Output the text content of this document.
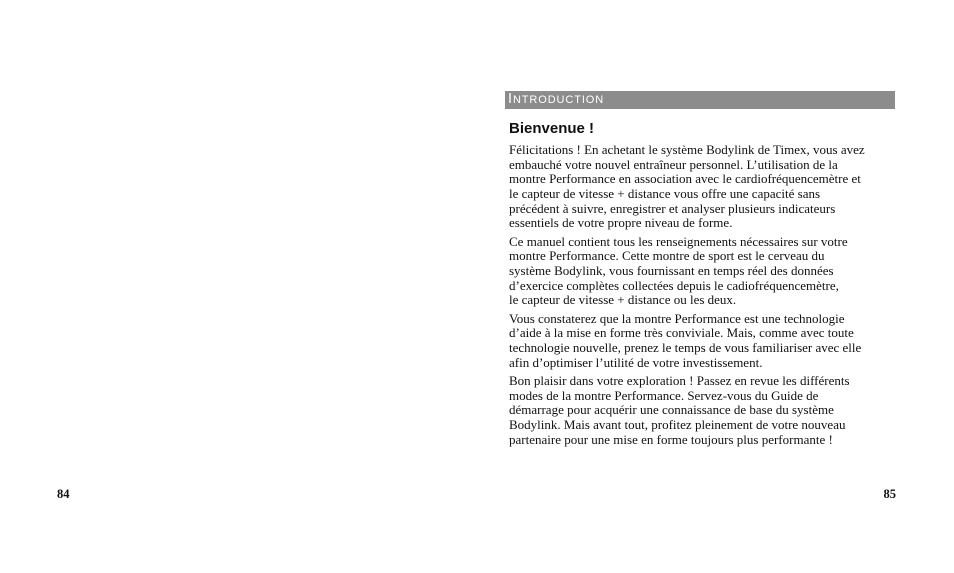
84
INTRODUCTION
Bienvenue !
Félicitations ! En achetant le système Bodylink de Timex, vous avez
embauché votre nouvel entraîneur personnel. L’utilisation de la
montre Performance en association avec le cardiofréquencemètre et
le capteur de vitesse + distance vous offre une capacité sans
précédent à suivre, enregistrer et analyser plusieurs indicateurs
essentiels de votre propre niveau de forme.
Ce manuel contient tous les renseignements nécessaires sur votre
montre Performance. Cette montre de sport est le cerveau du
système Bodylink, vous fournissant en temps réel des données
d’exercice complètes collectées depuis le cadiofréquencemètre,
le capteur de vitesse + distance ou les deux.
Vous constaterez que la montre Performance est une technologie
d’aide à la mise en forme très conviviale. Mais, comme avec toute
technologie nouvelle, prenez le temps de vous familiariser avec elle
afin d’optimiser l’utilité de votre investissement.
Bon plaisir dans votre exploration ! Passez en revue les différents
modes de la montre Performance. Servez-vous du Guide de
démarrage pour acquérir une connaissance de base du système
Bodylink. Mais avant tout, profitez pleinement de votre nouveau
partenaire pour une mise en forme toujours plus performante !
85
